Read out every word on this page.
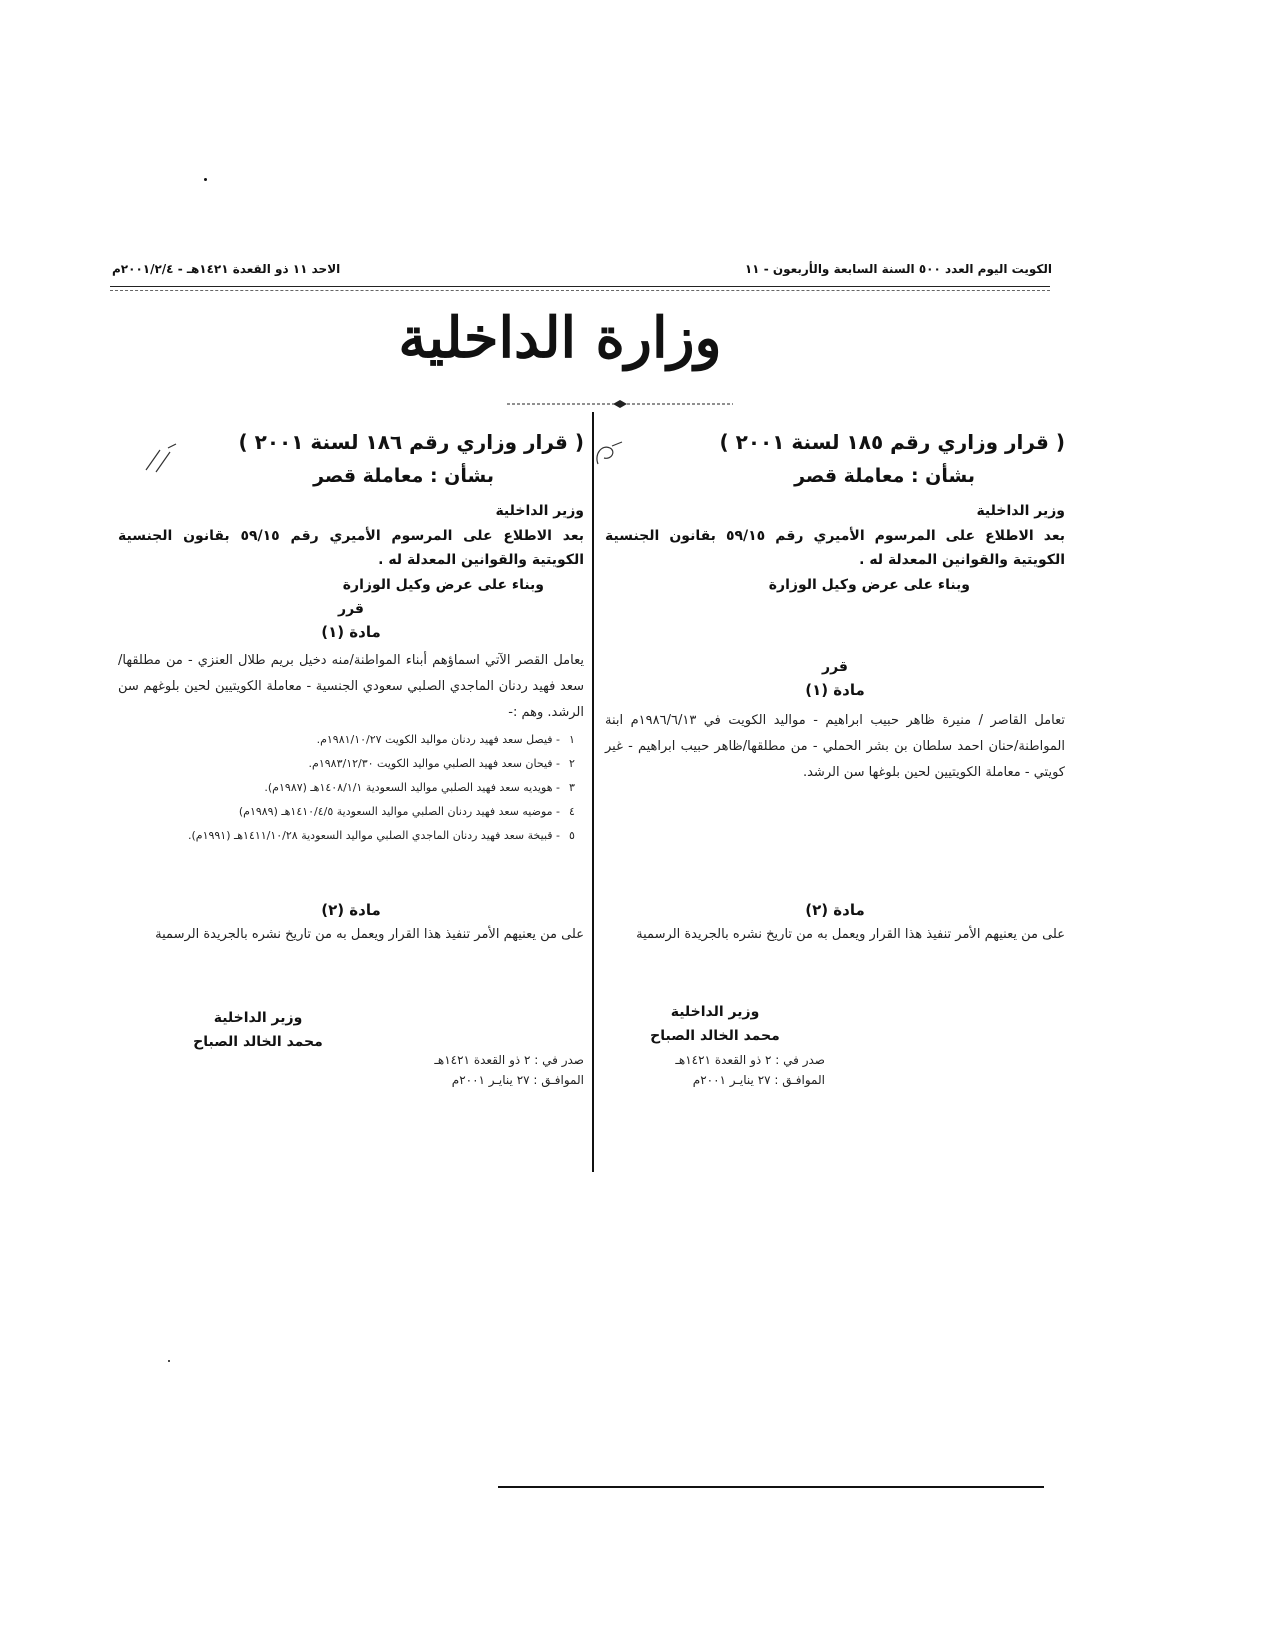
الكويت اليوم العدد ٥٠٠ السنة السابعة والأربعون - ١١
الاحد ١١ ذو القعدة ١٤٢١هـ - ٢٠٠١/٢/٤م
وزارة الداخلية

( قرار وزاري رقم ١٨٥ لسنة ٢٠٠١ )

بشأن : معاملة قصر

وزير الداخلية

بعد الاطلاع على المرسوم الأميري رقم ٥٩/١٥ بقانون الجنسية الكويتية والقوانين المعدلة له .

وبناء على عرض وكيل الوزارة

قرر

مادة (١)

تعامل القاصر / منيرة ظاهر حبيب ابراهيم - مواليد الكويت في ١٩٨٦/٦/١٣م ابنة المواطنة/حنان احمد سلطان بن بشر الحملي - من مطلقها/ظاهر حبيب ابراهيم - غير كويتي - معاملة الكويتيين لحين بلوغها سن الرشد.

مادة (٢)

على من يعنيهم الأمر تنفيذ هذا القرار ويعمل به من تاريخ نشره بالجريدة الرسمية

وزير الداخلية
محمد الخالد الصباح
صدر في : ٢ ذو القعدة ١٤٢١هـ
الموافـق : ٢٧ ينايـر ٢٠٠١م

( قرار وزاري رقم ١٨٦ لسنة ٢٠٠١ )

بشأن : معاملة قصر

وزير الداخلية

بعد الاطلاع على المرسوم الأميري رقم ٥٩/١٥ بقانون الجنسية الكويتية والقوانين المعدلة له .

وبناء على عرض وكيل الوزارة

قرر

مادة (١)

يعامل القصر الآتي اسماؤهم أبناء المواطنة/منه دخيل بريم طلال العنزي - من مطلقها/سعد فهيد ردنان الماجدي الصلبي سعودي الجنسية - معاملة الكويتيين لحين بلوغهم سن الرشد. وهم :-

١- فيصل سعد فهيد ردنان مواليد الكويت ١٩٨١/١٠/٢٧م.
٢- فيحان سعد فهيد الصلبي مواليد الكويت ١٩٨٣/١٢/٣٠م.
٣- هويديه سعد فهيد الصلبي مواليد السعودية ١٤٠٨/١/١هـ (١٩٨٧م).
٤- موضيه سعد فهيد ردنان الصلبي مواليد السعودية ١٤١٠/٤/٥هـ (١٩٨٩م)
٥- قبيخة سعد فهيد ردنان الماجدي الصلبي مواليد السعودية ١٤١١/١٠/٢٨هـ (١٩٩١م).

مادة (٢)

على من يعنيهم الأمر تنفيذ هذا القرار ويعمل به من تاريخ نشره بالجريدة الرسمية

وزير الداخلية
محمد الخالد الصباح
صدر في : ٢ ذو القعدة ١٤٢١هـ
الموافـق : ٢٧ ينايـر ٢٠٠١م
